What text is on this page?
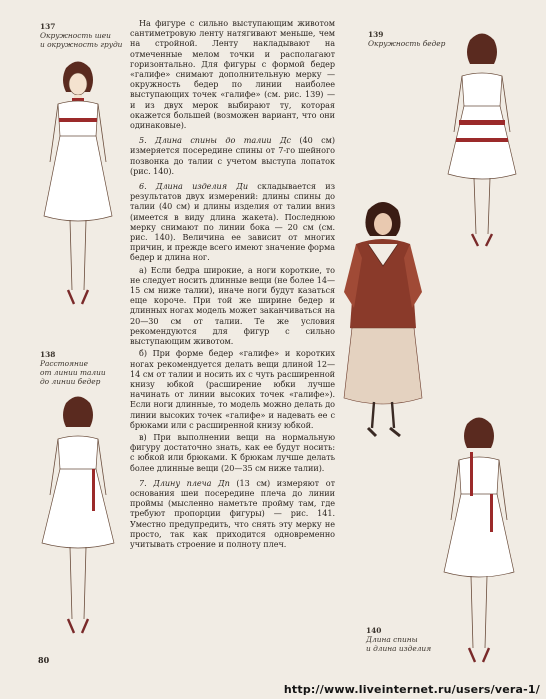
137
Окружность шеи
и окружность груди
138
Расстояние
от линии талии
до линии бедер

На фигуре с сильно выступающим животом сантиметровую ленту натягивают меньше, чем на стройной. Ленту накладывают на отмеченные мелом точки и располагают горизонтально. Для фигуры с формой бедер «галифе» снимают дополнительную мерку — окружность бедер по линии наиболее выступающих точек «галифе» (см. рис. 139) — и из двух мерок выбирают ту, которая окажется большей (возможен вариант, что они одинаковые).

5. Длина спины до талии Дс (40 см) измеряется посередине спины от 7-го шейного позвонка до талии с учетом выступа лопаток (рис. 140).

6. Длина изделия Ди складывается из результатов двух измерений: длины спины до талии (40 см) и длины изделия от талии вниз (имеется в виду длина жакета). Последнюю мерку снимают по линии бока — 20 см (см. рис. 140). Величина ее зависит от многих причин, и прежде всего имеют значение форма бедер и длина ног.

а) Если бедра широкие, а ноги короткие, то не следует носить длинные вещи (не более 14—15 см ниже талии), иначе ноги будут казаться еще короче. При той же ширине бедер и длинных ногах модель может заканчиваться на 20—30 см от талии. Те же условия рекомендуются для фигур с сильно выступающим животом.

б) При форме бедер «галифе» и коротких ногах рекомендуется делать вещи длиной 12—14 см от талии и носить их с чуть расширенной книзу юбкой (расширение юбки лучше начинать от линии высоких точек «галифе»). Если ноги длинные, то модель можно делать до линии высоких точек «галифе» и надевать ее с брюками или с расширенной книзу юбкой.

в) При выполнении вещи на нормальную фигуру достаточно знать, как ее будут носить: с юбкой или брюками. К брюкам лучше делать более длинные вещи (20—35 см ниже талии).

7. Длину плеча Дп (13 см) измеряют от основания шеи посередине плеча до линии проймы (мысленно наметьте пройму там, где требуют пропорции фигуры) — рис. 141. Уместно предупредить, что снять эту мерку не просто, так как приходится одновременно учитывать строение и полноту плеч.

139
Окружность бедер
140
Длина спины
и длина изделия
80
http://www.liveinternet.ru/users/vera-1/
